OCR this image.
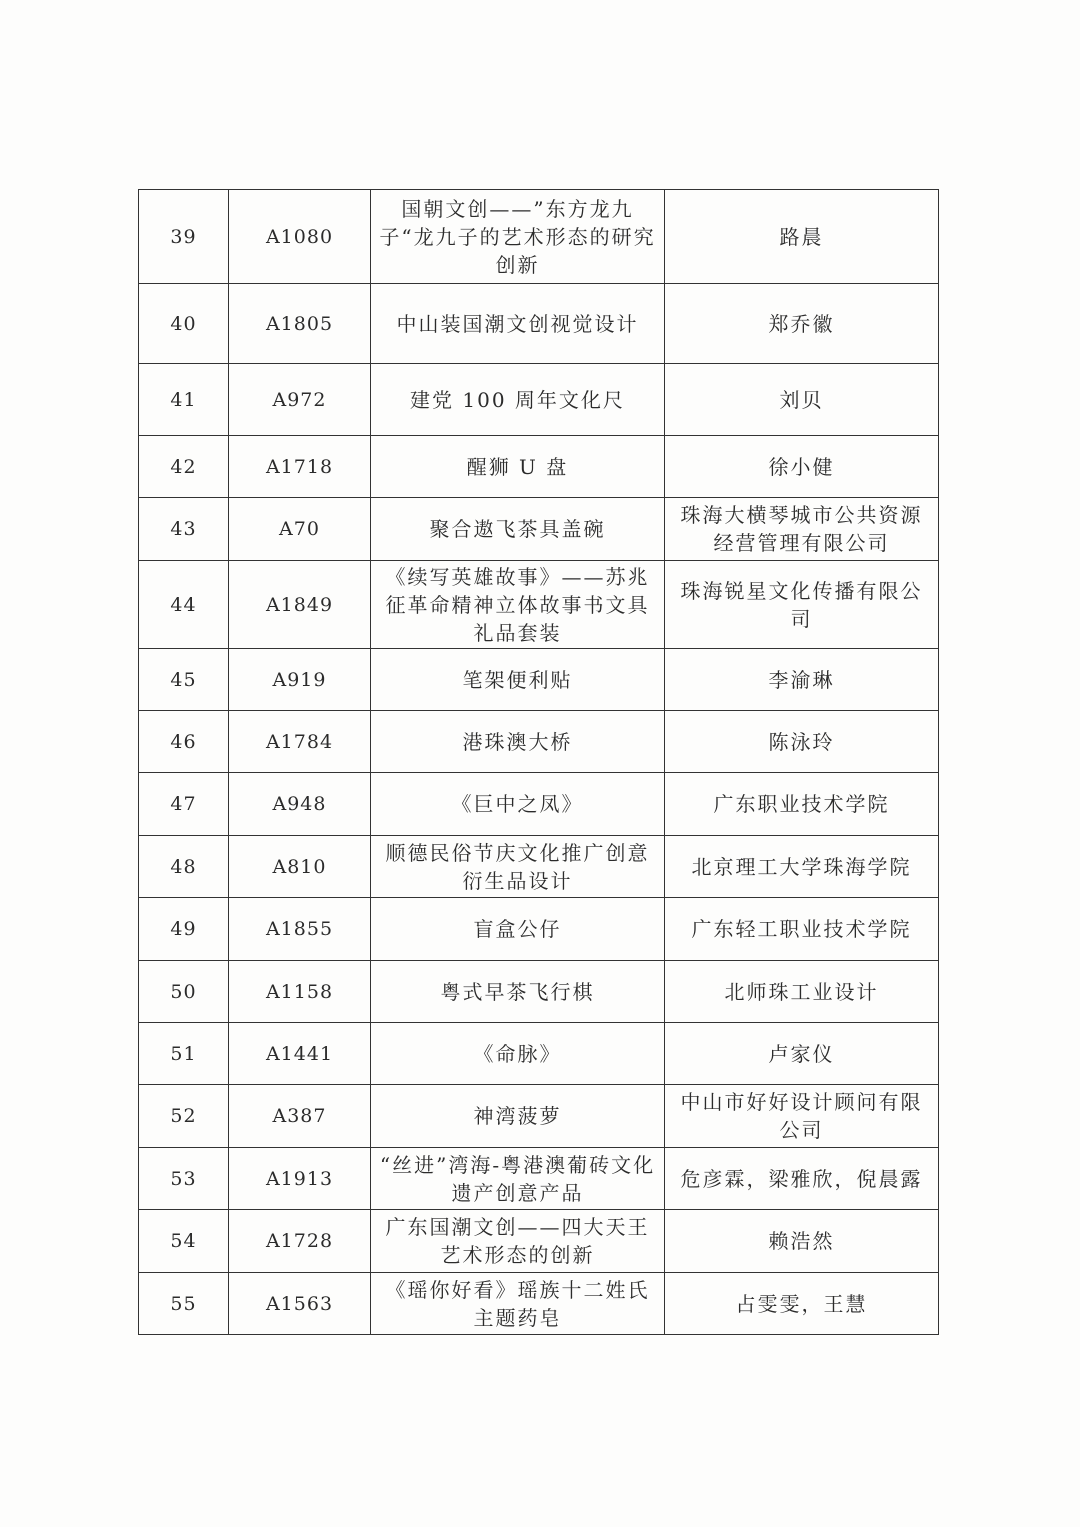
39	A1080	国朝文创——”东方龙九子“龙九子的艺术形态的研究创新	路晨
40	A1805	中山装国潮文创视觉设计	郑乔徽
41	A972	建党 100 周年文化尺	刘贝
42	A1718	醒狮 U 盘	徐小健
43	A70	聚合遨飞茶具盖碗	珠海大横琴城市公共资源经营管理有限公司
44	A1849	《续写英雄故事》——苏兆征革命精神立体故事书文具礼品套装	珠海锐星文化传播有限公司
45	A919	笔架便利贴	李渝琳
46	A1784	港珠澳大桥	陈泳玲
47	A948	《巨中之凤》	广东职业技术学院
48	A810	顺德民俗节庆文化推广创意衍生品设计	北京理工大学珠海学院
49	A1855	盲盒公仔	广东轻工职业技术学院
50	A1158	粤式早茶飞行棋	北师珠工业设计
51	A1441	《命脉》	卢家仪
52	A387	神湾菠萝	中山市好好设计顾问有限公司
53	A1913	“丝进”湾海-粤港澳葡砖文化遗产创意产品	危彦霖，梁雅欣，倪晨露
54	A1728	广东国潮文创——四大天王艺术形态的创新	赖浩然
55	A1563	《瑶你好看》瑶族十二姓氏主题药皂	占雯雯，王慧
